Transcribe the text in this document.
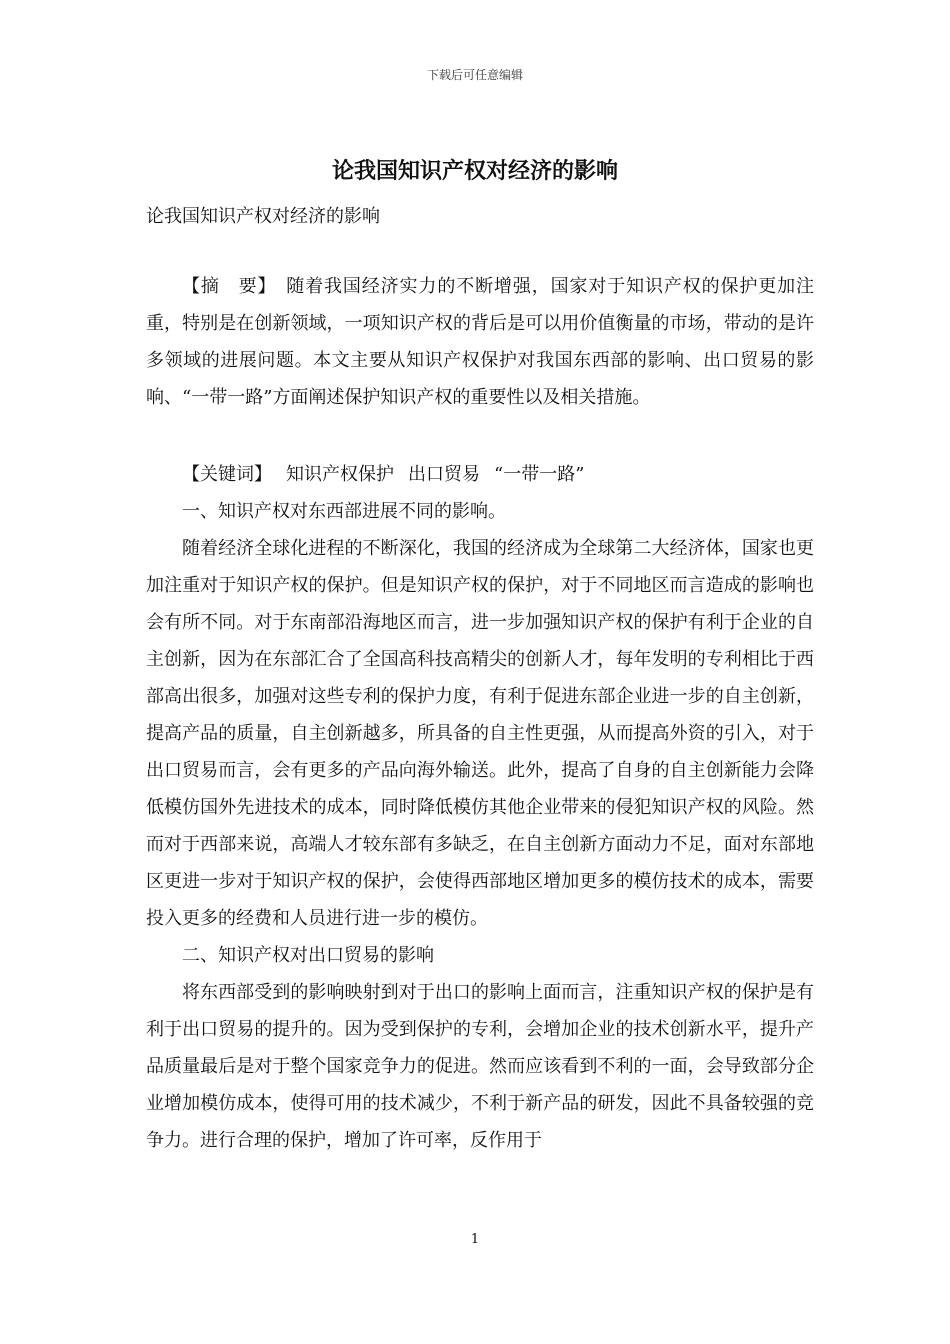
下载后可任意编辑
论我国知识产权对经济的影响
论我国知识产权对经济的影响

【摘　要】  随着我国经济实力的不断增强，国家对于知识产权的保护更加注重，特别是在创新领域，一项知识产权的背后是可以用价值衡量的市场，带动的是许多领域的进展问题。本文主要从知识产权保护对我国东西部的影响、出口贸易的影响、“一带一路”方面阐述保护知识产权的重要性以及相关措施。

【关键词】 知识产权保护 出口贸易 “一带一路”

一、知识产权对东西部进展不同的影响。

随着经济全球化进程的不断深化，我国的经济成为全球第二大经济体，国家也更加注重对于知识产权的保护。但是知识产权的保护，对于不同地区而言造成的影响也会有所不同。对于东南部沿海地区而言，进一步加强知识产权的保护有利于企业的自主创新，因为在东部汇合了全国高科技高精尖的创新人才，每年发明的专利相比于西部高出很多，加强对这些专利的保护力度，有利于促进东部企业进一步的自主创新，提高产品的质量，自主创新越多，所具备的自主性更强，从而提高外资的引入，对于出口贸易而言，会有更多的产品向海外输送。此外，提高了自身的自主创新能力会降低模仿国外先进技术的成本，同时降低模仿其他企业带来的侵犯知识产权的风险。然而对于西部来说，高端人才较东部有多缺乏，在自主创新方面动力不足，面对东部地区更进一步对于知识产权的保护，会使得西部地区增加更多的模仿技术的成本，需要投入更多的经费和人员进行进一步的模仿。

二、知识产权对出口贸易的影响

将东西部受到的影响映射到对于出口的影响上面而言，注重知识产权的保护是有利于出口贸易的提升的。因为受到保护的专利，会增加企业的技术创新水平，提升产品质量最后是对于整个国家竞争力的促进。然而应该看到不利的一面，会导致部分企业增加模仿成本，使得可用的技术减少，不利于新产品的研发，因此不具备较强的竞争力。进行合理的保护，增加了许可率，反作用于

1
